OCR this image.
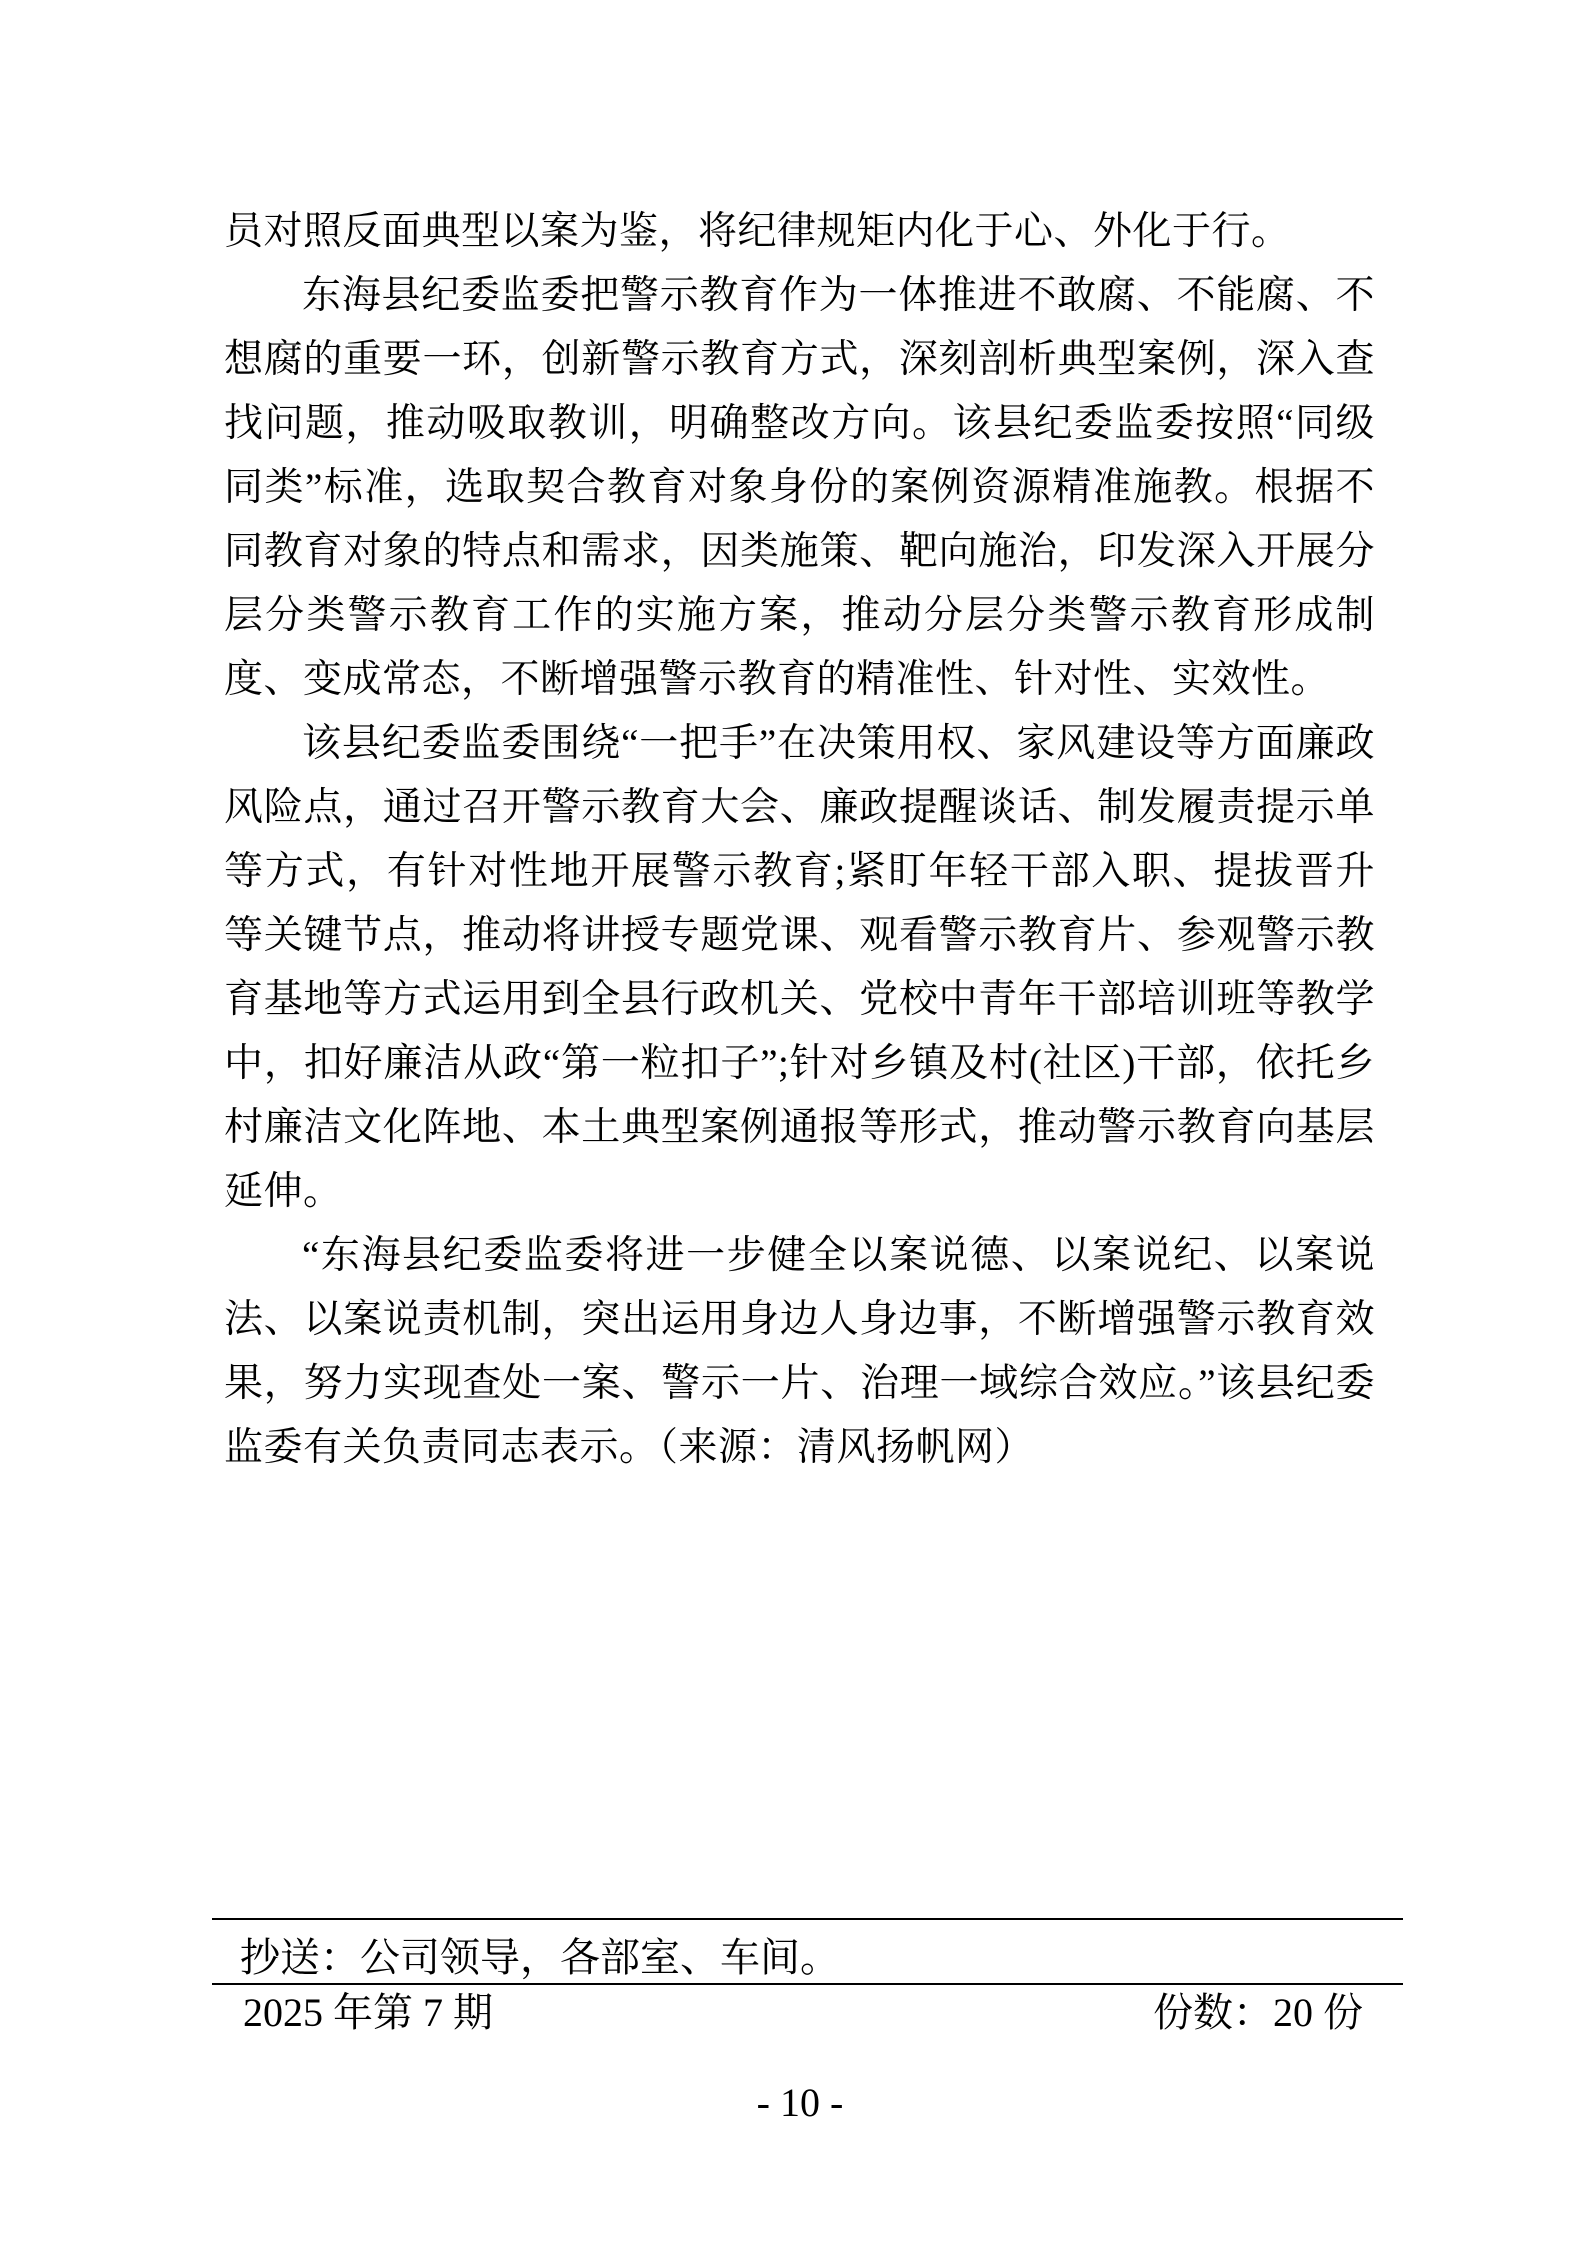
员对照反面典型以案为鉴，将纪律规矩内化于心、外化于行。

东海县纪委监委把警示教育作为一体推进不敢腐、不能腐、不想腐的重要一环，创新警示教育方式，深刻剖析典型案例，深入查找问题，推动吸取教训，明确整改方向。该县纪委监委按照“同级同类”标准，选取契合教育对象身份的案例资源精准施教。根据不同教育对象的特点和需求，因类施策、靶向施治，印发深入开展分层分类警示教育工作的实施方案，推动分层分类警示教育形成制度、变成常态，不断增强警示教育的精准性、针对性、实效性。

该县纪委监委围绕“一把手”在决策用权、家风建设等方面廉政风险点，通过召开警示教育大会、廉政提醒谈话、制发履责提示单等方式，有针对性地开展警示教育;紧盯年轻干部入职、提拔晋升等关键节点，推动将讲授专题党课、观看警示教育片、参观警示教育基地等方式运用到全县行政机关、党校中青年干部培训班等教学中，扣好廉洁从政“第一粒扣子”;针对乡镇及村(社区)干部，依托乡村廉洁文化阵地、本土典型案例通报等形式，推动警示教育向基层延伸。

“东海县纪委监委将进一步健全以案说德、以案说纪、以案说法、以案说责机制，突出运用身边人身边事，不断增强警示教育效果，努力实现查处一案、警示一片、治理一域综合效应。”该县纪委监委有关负责同志表示。（来源：清风扬帆网）

抄送：公司领导，各部室、车间。
2025 年第 7 期	份数：20 份
- 10 -
